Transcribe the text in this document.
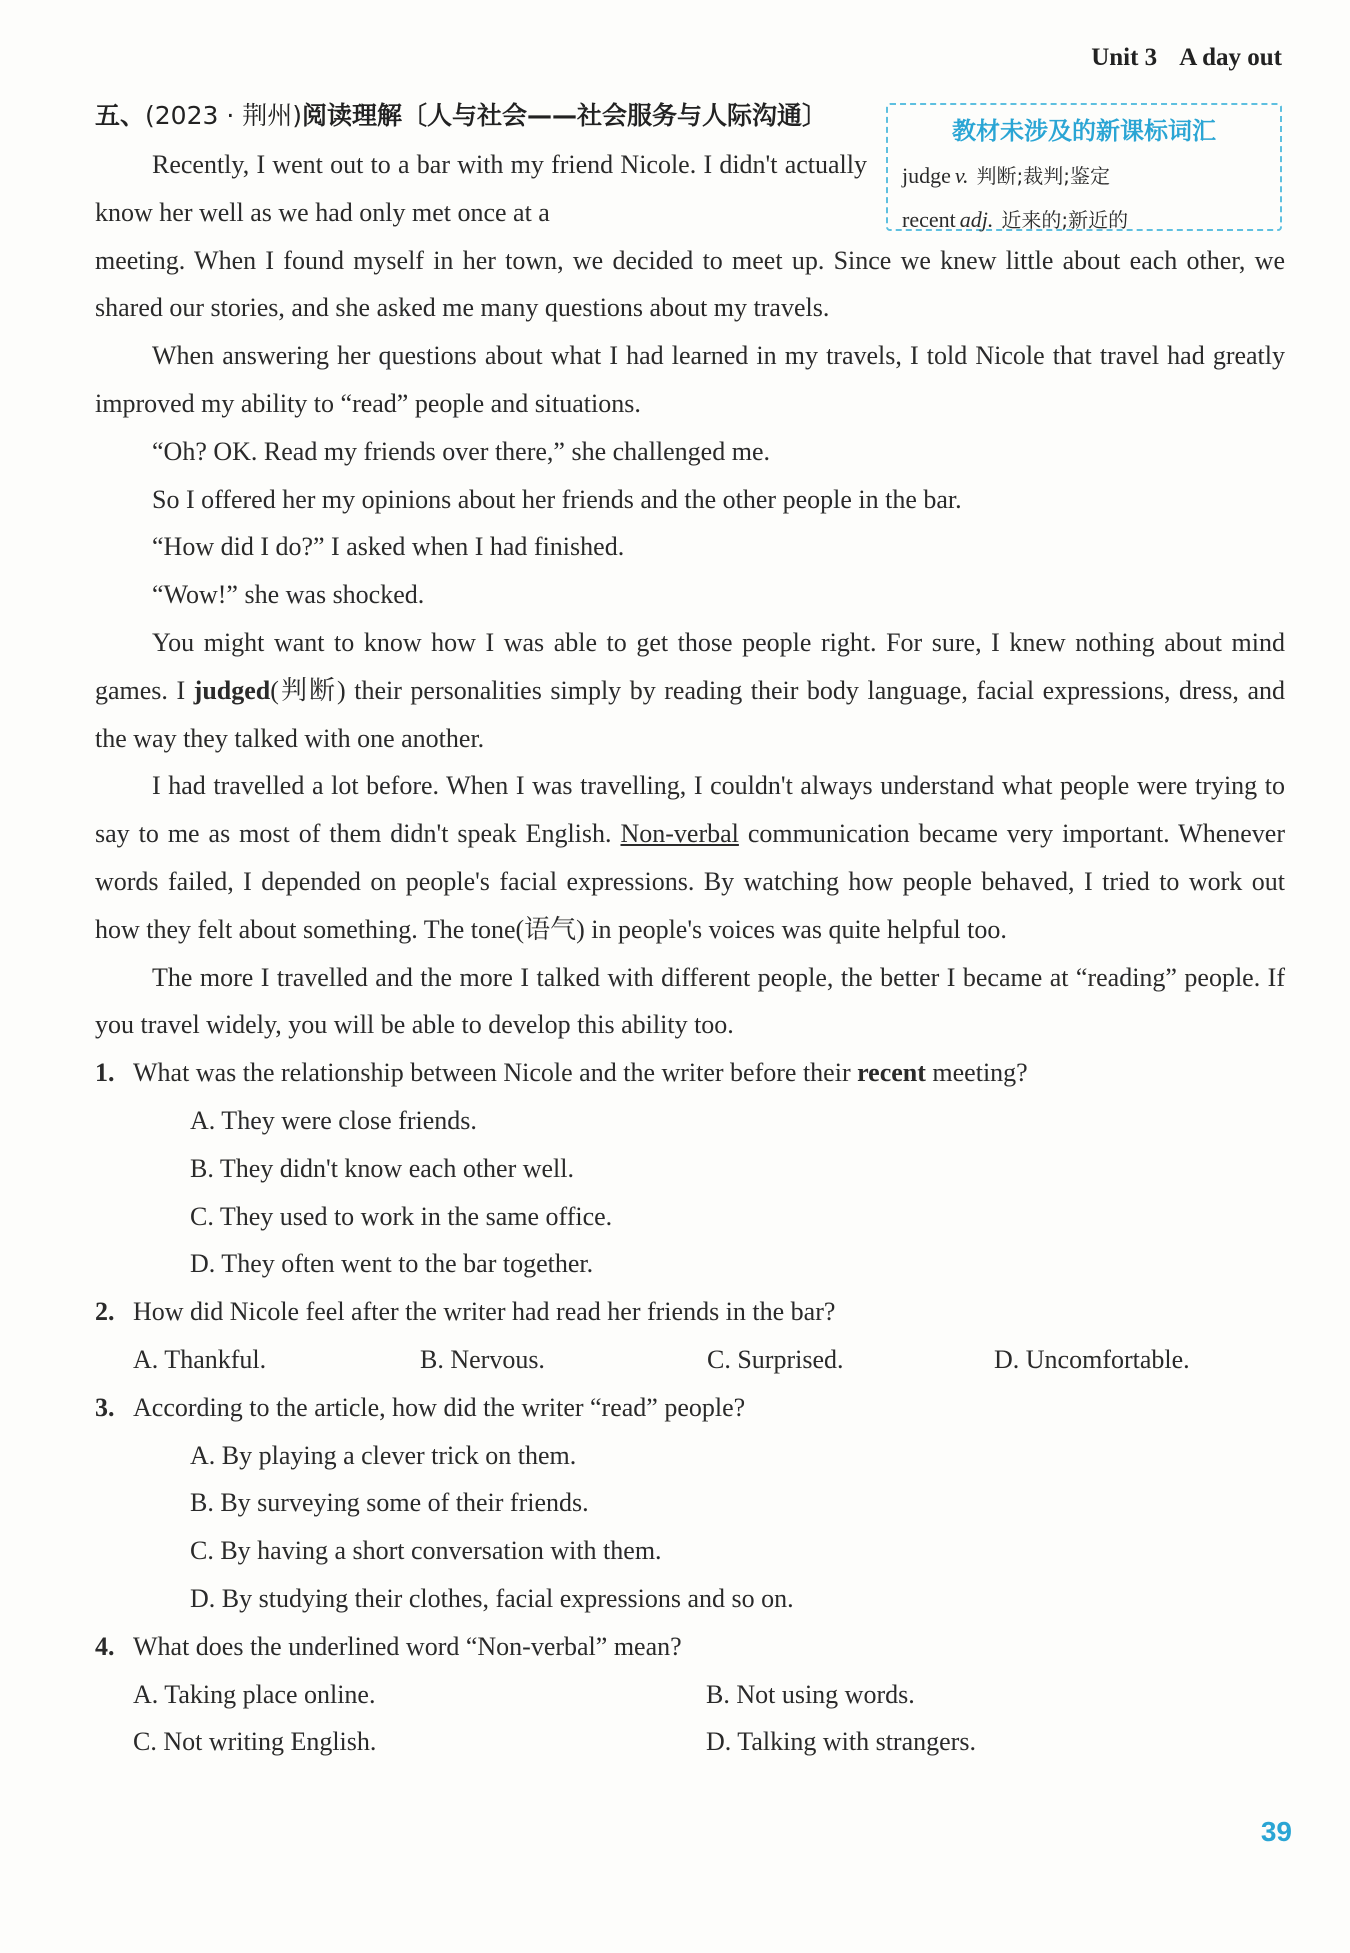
Unit 3 A day out
五、(2023 · 荆州)阅读理解〔人与社会——社会服务与人际沟通〕
教材未涉及的新课标词汇
judge v. 判断;裁判;鉴定
recent adj. 近来的;新近的

Recently, I went out to a bar with my friend Nicole. I didn't actually know her well as we had only met once at a

meeting. When I found myself in her town, we decided to meet up. Since we knew little about each other, we shared our stories, and she asked me many questions about my travels.

When answering her questions about what I had learned in my travels, I told Nicole that travel had greatly improved my ability to “read” people and situations.

“Oh? OK. Read my friends over there,” she challenged me.

So I offered her my opinions about her friends and the other people in the bar.

“How did I do?” I asked when I had finished.

“Wow!” she was shocked.

You might want to know how I was able to get those people right. For sure, I knew nothing about mind games. I judged(判断) their personalities simply by reading their body language, facial expressions, dress, and the way they talked with one another.

I had travelled a lot before. When I was travelling, I couldn't always understand what people were trying to say to me as most of them didn't speak English. Non-verbal communication became very important. Whenever words failed, I depended on people's facial expressions. By watching how people behaved, I tried to work out how they felt about something. The tone(语气) in people's voices was quite helpful too.

The more I travelled and the more I talked with different people, the better I became at “reading” people. If you travel widely, you will be able to develop this ability too.

1. What was the relationship between Nicole and the writer before their recent meeting?

A. They were close friends.

B. They didn't know each other well.

C. They used to work in the same office.

D. They often went to the bar together.

2. How did Nicole feel after the writer had read her friends in the bar?

A. Thankful.	B. Nervous.	C. Surprised.	D. Uncomfortable.

3. According to the article, how did the writer “read” people?

A. By playing a clever trick on them.

B. By surveying some of their friends.

C. By having a short conversation with them.

D. By studying their clothes, facial expressions and so on.

4. What does the underlined word “Non-verbal” mean?

A. Taking place online.	B. Not using words.
C. Not writing English.	D. Talking with strangers.
39
